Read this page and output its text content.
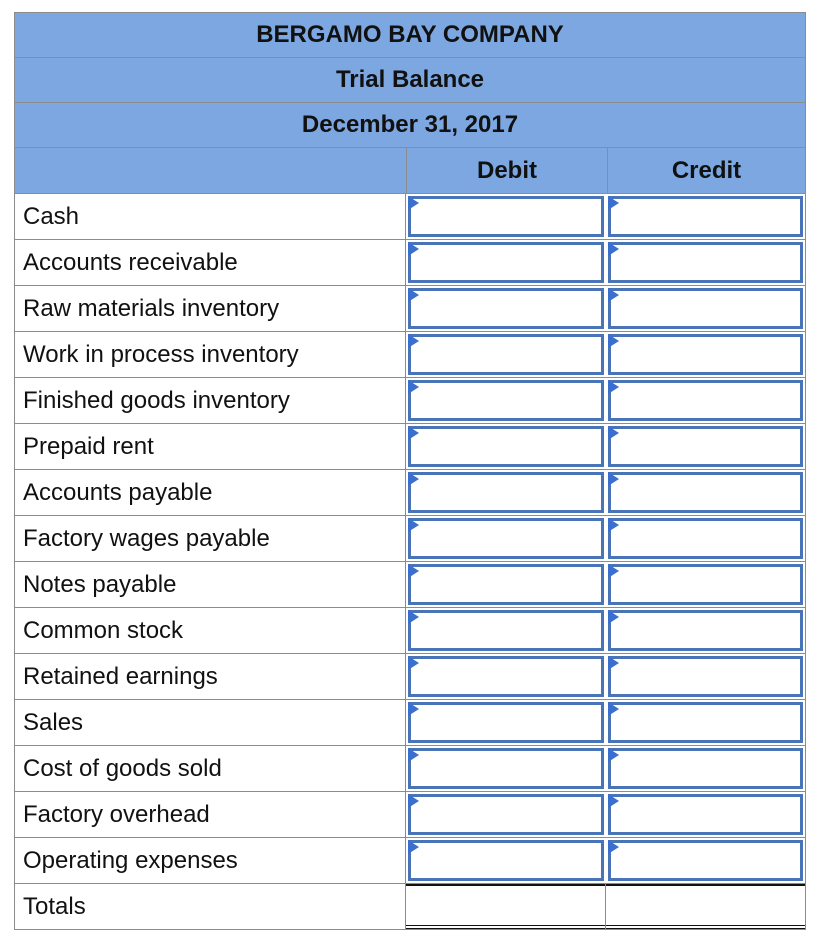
BERGAMO BAY COMPANY
Trial Balance
December 31, 2017
Debit	Credit
Cash
Accounts receivable
Raw materials inventory
Work in process inventory
Finished goods inventory
Prepaid rent
Accounts payable
Factory wages payable
Notes payable
Common stock
Retained earnings
Sales
Cost of goods sold
Factory overhead
Operating expenses
Totals
